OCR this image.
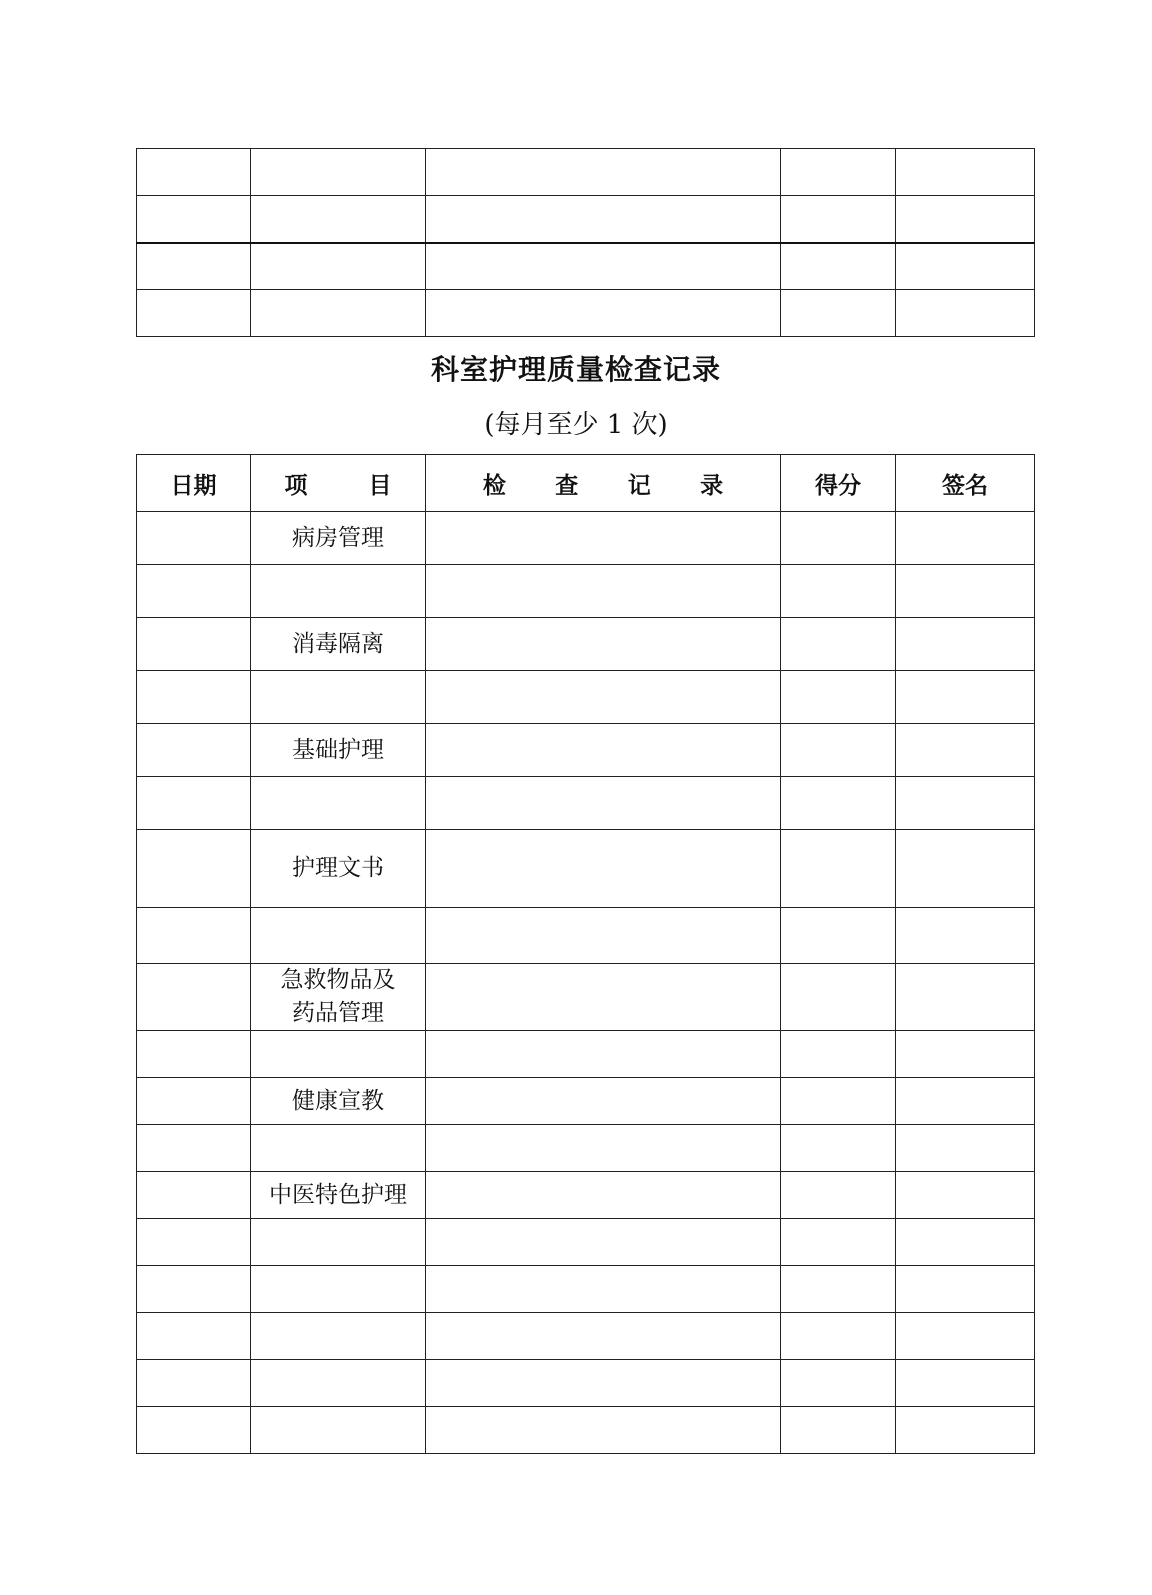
科室护理质量检查记录
(每月至少 1 次)
日期	项 目	检 查 记 录	得分	签名
	病房管理			

	消毒隔离			

	基础护理			

	护理文书			

	急救物品及
药品管理			

	健康宣教			

	中医特色护理			
